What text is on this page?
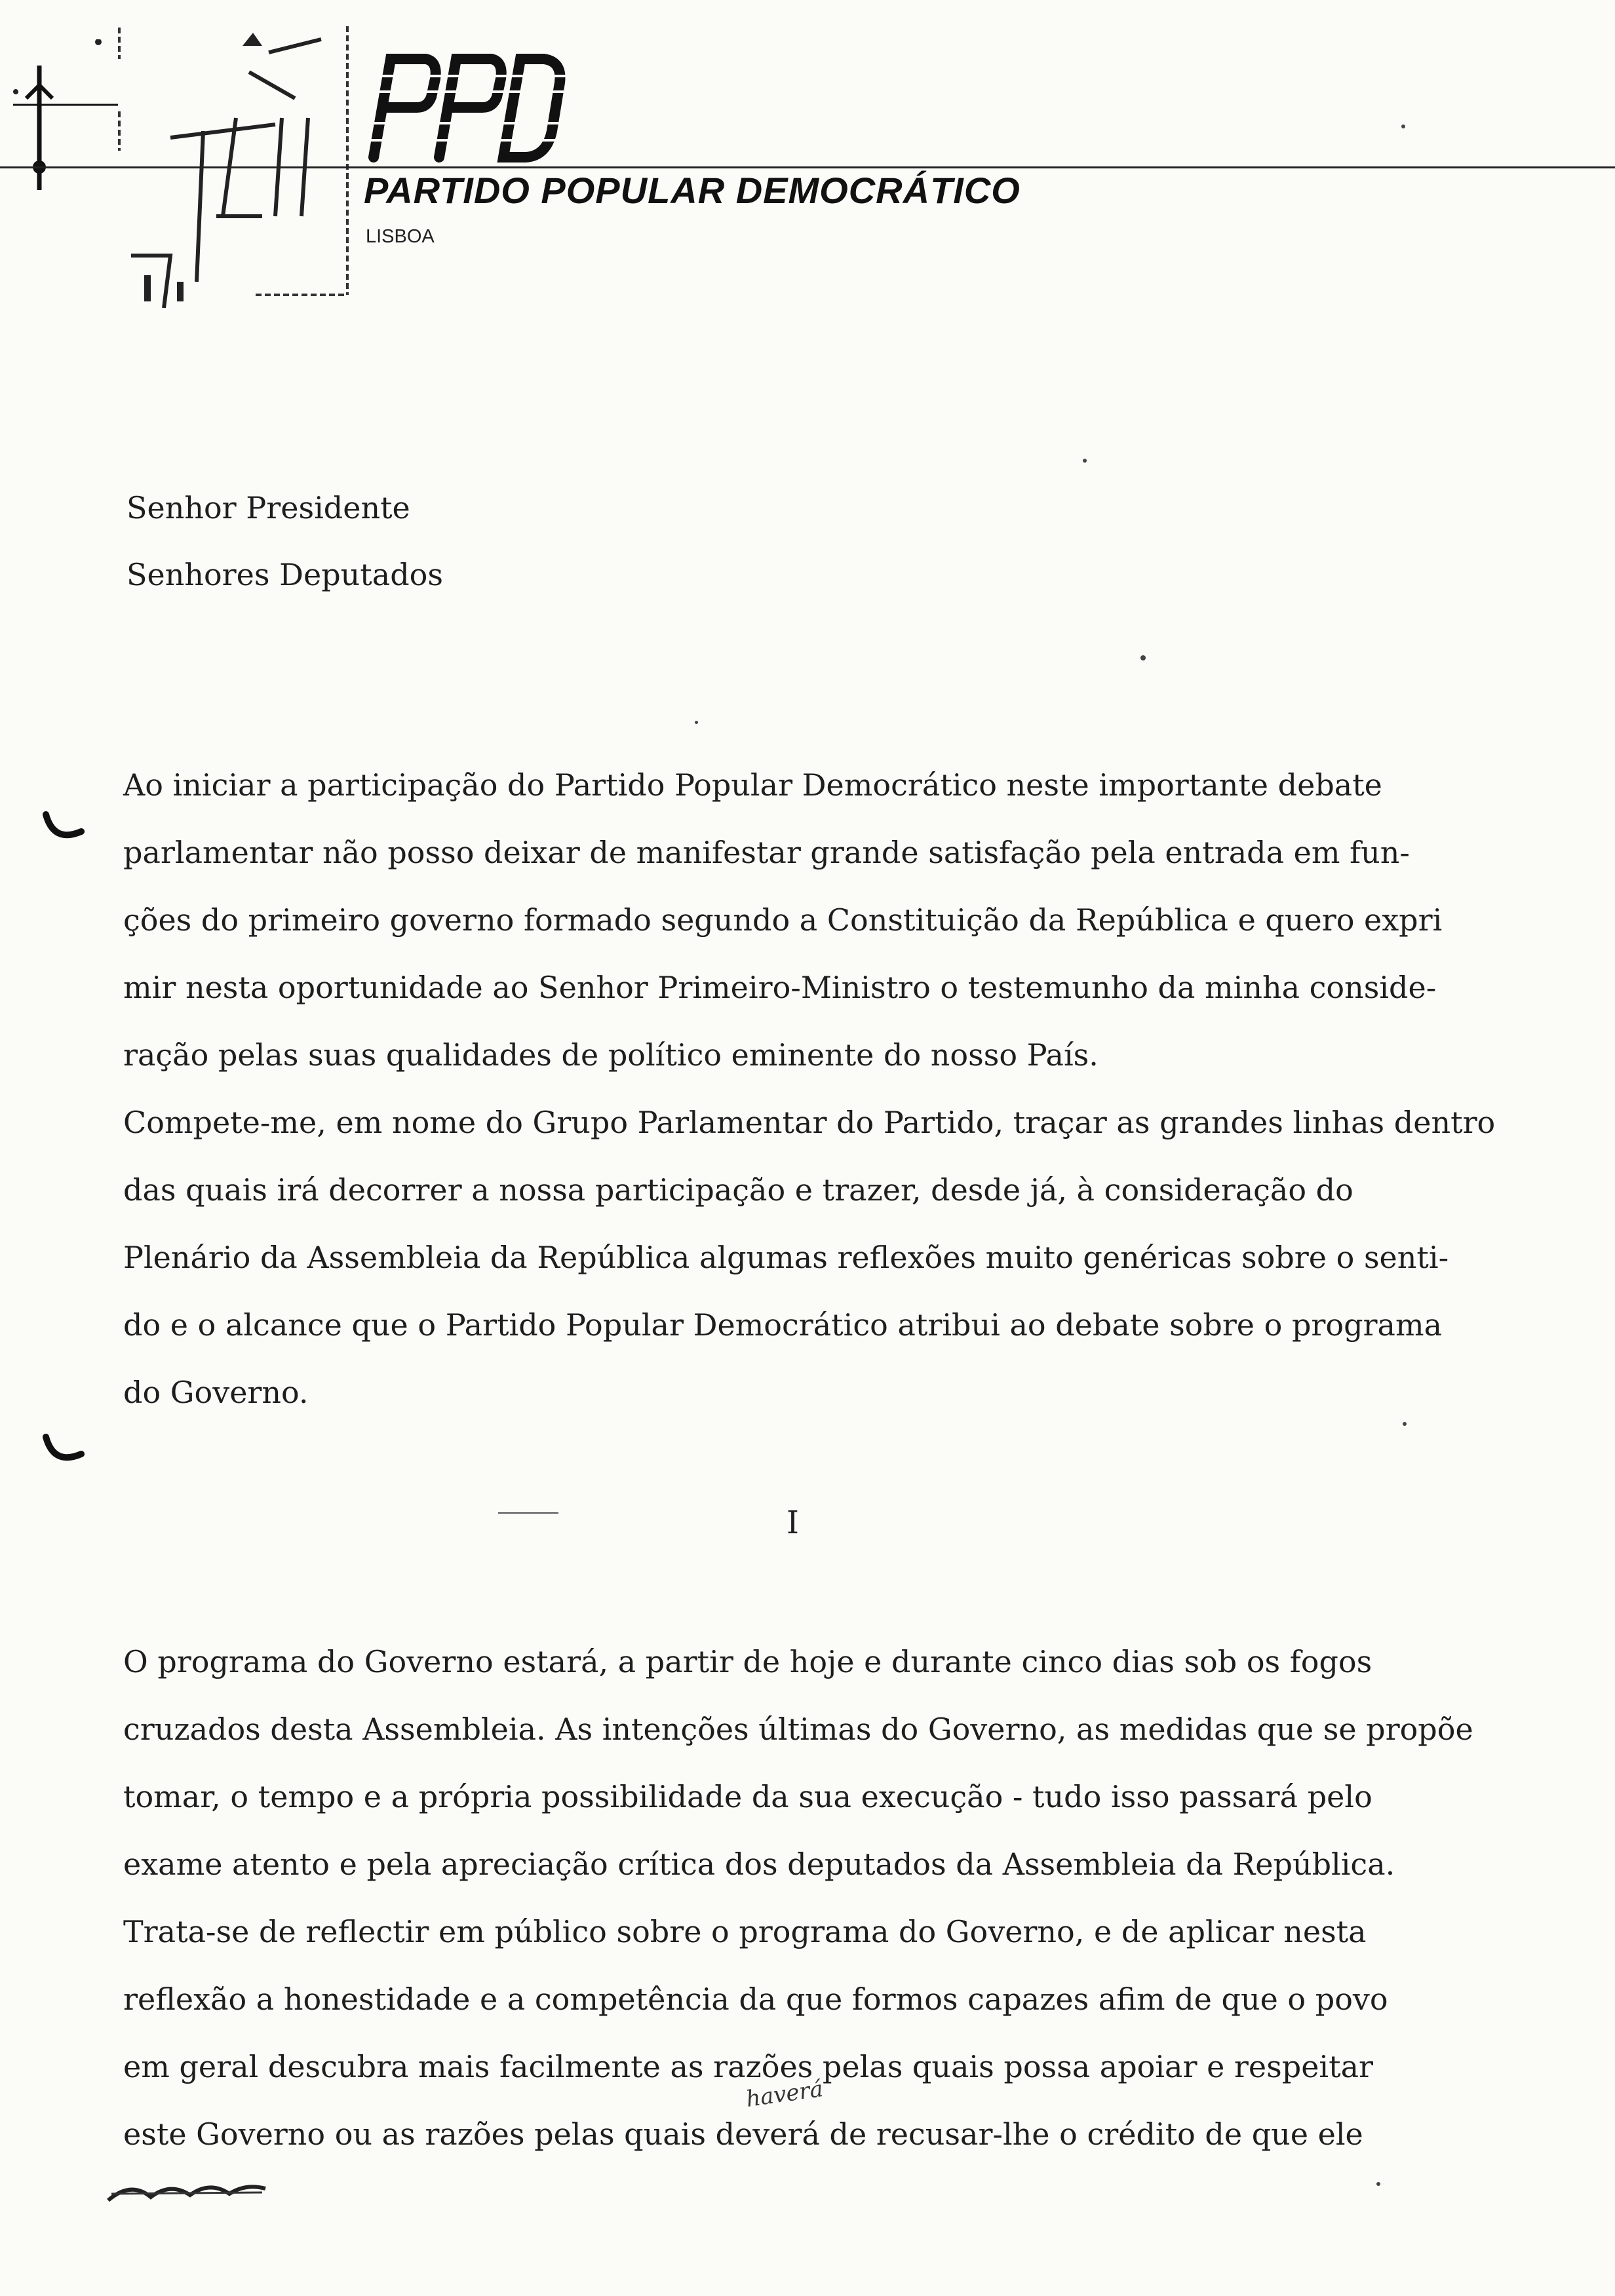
PARTIDO POPULAR DEMOCRÁTICO
LISBOA
Senhor Presidente
Senhores Deputados
Ao iniciar a participação do Partido Popular Democrático neste importante debate
parlamentar não posso deixar de manifestar grande satisfação pela entrada em fun-
ções do primeiro governo formado segundo a Constituição da República e quero expri
mir nesta oportunidade ao Senhor Primeiro-Ministro o testemunho da minha conside-
ração pelas suas qualidades de político eminente do nosso País.
Compete-me, em nome do Grupo Parlamentar do Partido, traçar as grandes linhas dentro
das quais irá decorrer a nossa participação e trazer, desde já, à consideração do
Plenário da Assembleia da República algumas reflexões muito genéricas sobre o senti-
do e o alcance que o Partido Popular Democrático atribui ao debate sobre o programa
do Governo.
I
O programa do Governo estará, a partir de hoje e durante cinco dias sob os fogos
cruzados desta Assembleia. As intenções últimas do Governo, as medidas que se propõe
tomar, o tempo e a própria possibilidade da sua execução - tudo isso passará pelo
exame atento e pela apreciação crítica dos deputados da Assembleia da República.
Trata-se de reflectir em público sobre o programa do Governo, e de aplicar nesta
reflexão a honestidade e a competência da que formos capazes afim de que o povo
em geral descubra mais facilmente as razões pelas quais possa apoiar e respeitar
este Governo ou as razões pelas quais deverá de recusar-lhe o crédito de que ele
haverá
